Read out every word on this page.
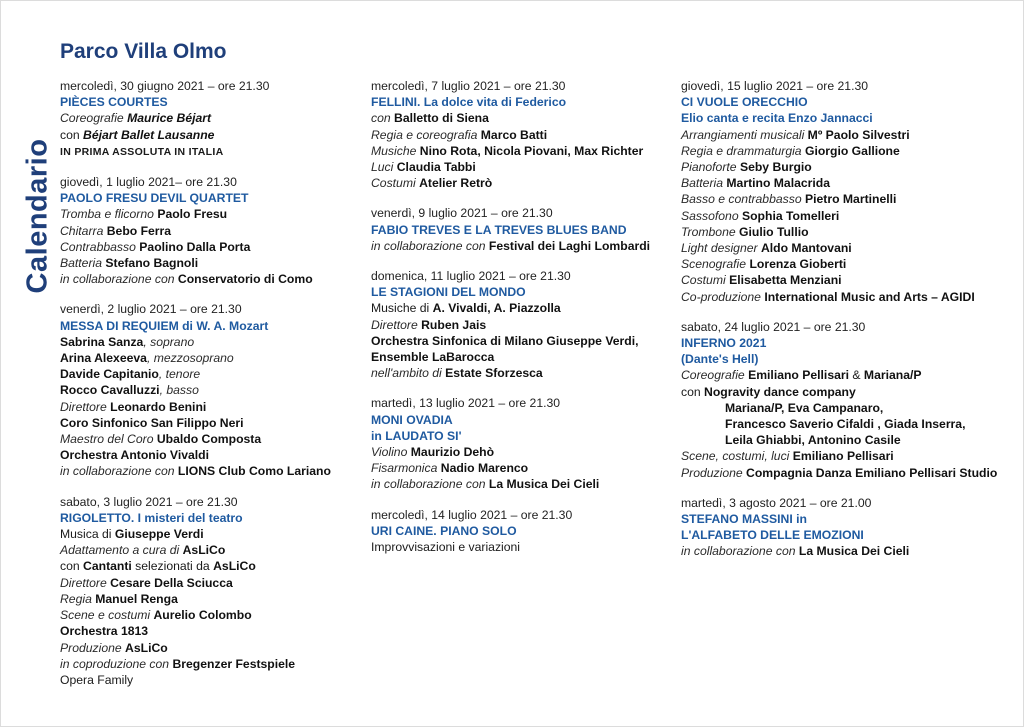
Parco Villa Olmo
Calendario
mercoledì, 30 giugno 2021 – ore 21.30
PIÈCES COURTES
Coreografie Maurice Béjart
con Béjart Ballet Lausanne
IN PRIMA ASSOLUTA IN ITALIA
giovedì, 1 luglio 2021– ore 21.30
PAOLO FRESU DEVIL QUARTET
Tromba e flicorno Paolo Fresu
Chitarra Bebo Ferra
Contrabbasso Paolino Dalla Porta
Batteria Stefano Bagnoli
in collaborazione con Conservatorio di Como
venerdì, 2 luglio 2021 – ore 21.30
MESSA DI REQUIEM di W. A. Mozart
Sabrina Sanza, soprano
Arina Alexeeva, mezzosoprano
Davide Capitanio, tenore
Rocco Cavalluzzi, basso
Direttore Leonardo Benini
Coro Sinfonico San Filippo Neri
Maestro del Coro Ubaldo Composta
Orchestra Antonio Vivaldi
in collaborazione con LIONS Club Como Lariano
sabato, 3 luglio 2021 – ore 21.30
RIGOLETTO. I misteri del teatro
Musica di Giuseppe Verdi
Adattamento a cura di AsLiCo
con Cantanti selezionati da AsLiCo
Direttore Cesare Della Sciucca
Regia Manuel Renga
Scene e costumi Aurelio Colombo
Orchestra 1813
Produzione AsLiCo
in coproduzione con Bregenzer Festspiele
Opera Family
mercoledì, 7 luglio 2021 – ore 21.30
FELLINI. La dolce vita di Federico
con Balletto di Siena
Regia e coreografia Marco Batti
Musiche Nino Rota, Nicola Piovani, Max Richter
Luci Claudia Tabbi
Costumi Atelier Retrò
venerdì, 9 luglio 2021 – ore 21.30
FABIO TREVES E LA TREVES BLUES BAND
in collaborazione con Festival dei Laghi Lombardi
domenica, 11 luglio 2021 – ore 21.30
LE STAGIONI DEL MONDO
Musiche di A. Vivaldi, A. Piazzolla
Direttore Ruben Jais
Orchestra Sinfonica di Milano Giuseppe Verdi,
Ensemble LaBarocca
nell'ambito di Estate Sforzesca
martedì, 13 luglio 2021 – ore 21.30
MONI OVADIA
in LAUDATO SI'
Violino Maurizio Dehò
Fisarmonica Nadio Marenco
in collaborazione con La Musica Dei Cieli
mercoledì, 14 luglio 2021 – ore 21.30
URI CAINE. PIANO SOLO
Improvvisazioni e variazioni
giovedì, 15 luglio 2021 – ore 21.30
CI VUOLE ORECCHIO
Elio canta e recita Enzo Jannacci
Arrangiamenti musicali Mº Paolo Silvestri
Regia e drammaturgia Giorgio Gallione
Pianoforte Seby Burgio
Batteria Martino Malacrida
Basso e contrabbasso Pietro Martinelli
Sassofono Sophia Tomelleri
Trombone Giulio Tullio
Light designer Aldo Mantovani
Scenografie Lorenza Gioberti
Costumi Elisabetta Menziani
Co-produzione International Music and Arts – AGIDI
sabato, 24 luglio 2021 – ore 21.30
INFERNO 2021
(Dante's Hell)
Coreografie Emiliano Pellisari & Mariana/P
con Nogravity dance company
Mariana/P, Eva Campanaro,
Francesco Saverio Cifaldi , Giada Inserra,
Leila Ghiabbi, Antonino Casile
Scene, costumi, luci Emiliano Pellisari
Produzione Compagnia Danza Emiliano Pellisari Studio
martedì, 3 agosto 2021 – ore 21.00
STEFANO MASSINI in
L'ALFABETO DELLE EMOZIONI
in collaborazione con La Musica Dei Cieli
